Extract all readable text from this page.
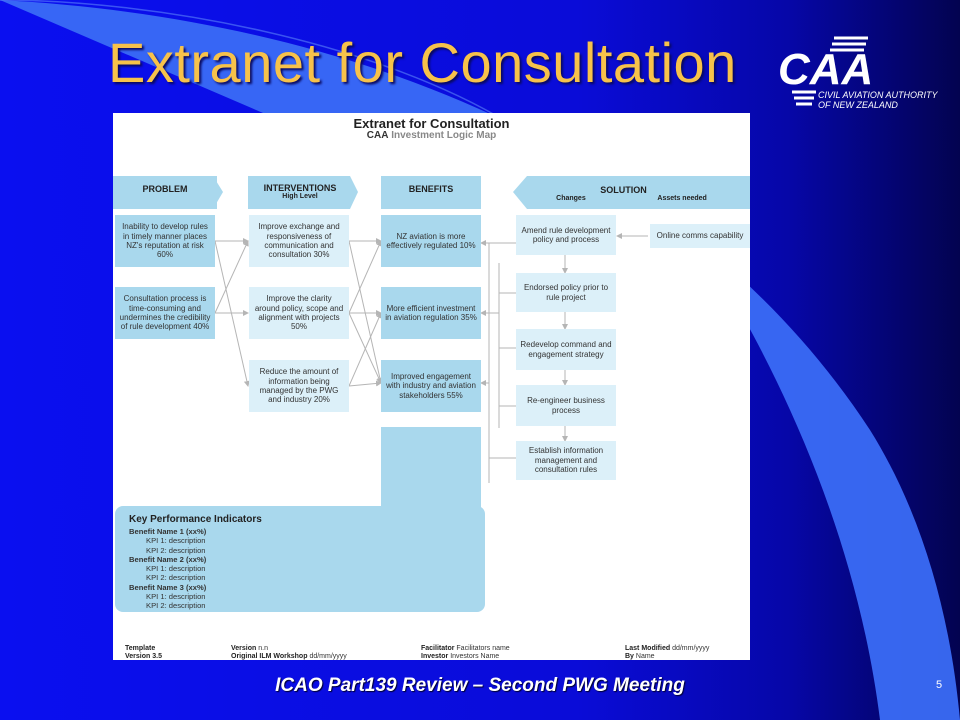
Extranet for Consultation CAA
CIVIL AVIATION AUTHORITY
OF NEW ZEALAND
Extranet for Consultation
CAA Investment Logic Map
PROBLEM	INTERVENTIONS
High Level
BENEFITS	SOLUTION
Changes	Assets needed
Inability to develop rules in timely manner places NZ's reputation at risk 60%
Consultation process is time-consuming and undermines the credibility of rule development 40%
Improve exchange and responsiveness of communication and consultation 30%
Improve the clarity around policy, scope and alignment with projects 50%
Reduce the amount of information being managed by the PWG and industry 20%
NZ aviation is more effectively regulated 10%
More efficient investment in aviation regulation 35%
Improved engagement with industry and aviation stakeholders 55%
Amend rule development policy and process
Endorsed policy prior to rule project
Redevelop command and engagement strategy
Re-engineer business process
Establish information management and consultation rules
Online comms capability
Key Performance Indicators
Benefit Name 1 (xx%)
KPI 1: description
KPI 2: description
Benefit Name 2 (xx%)
KPI 1: description
KPI 2: description
Benefit Name 3 (xx%)
KPI 1: description
KPI 2: description
Template
Version 3.5
Version n.n
Original ILM Workshop dd/mm/yyyy
Facilitator Facilitators name
Investor Investors Name
Last Modified dd/mm/yyyy
By Name
ICAO Part139 Review – Second PWG Meeting	5
